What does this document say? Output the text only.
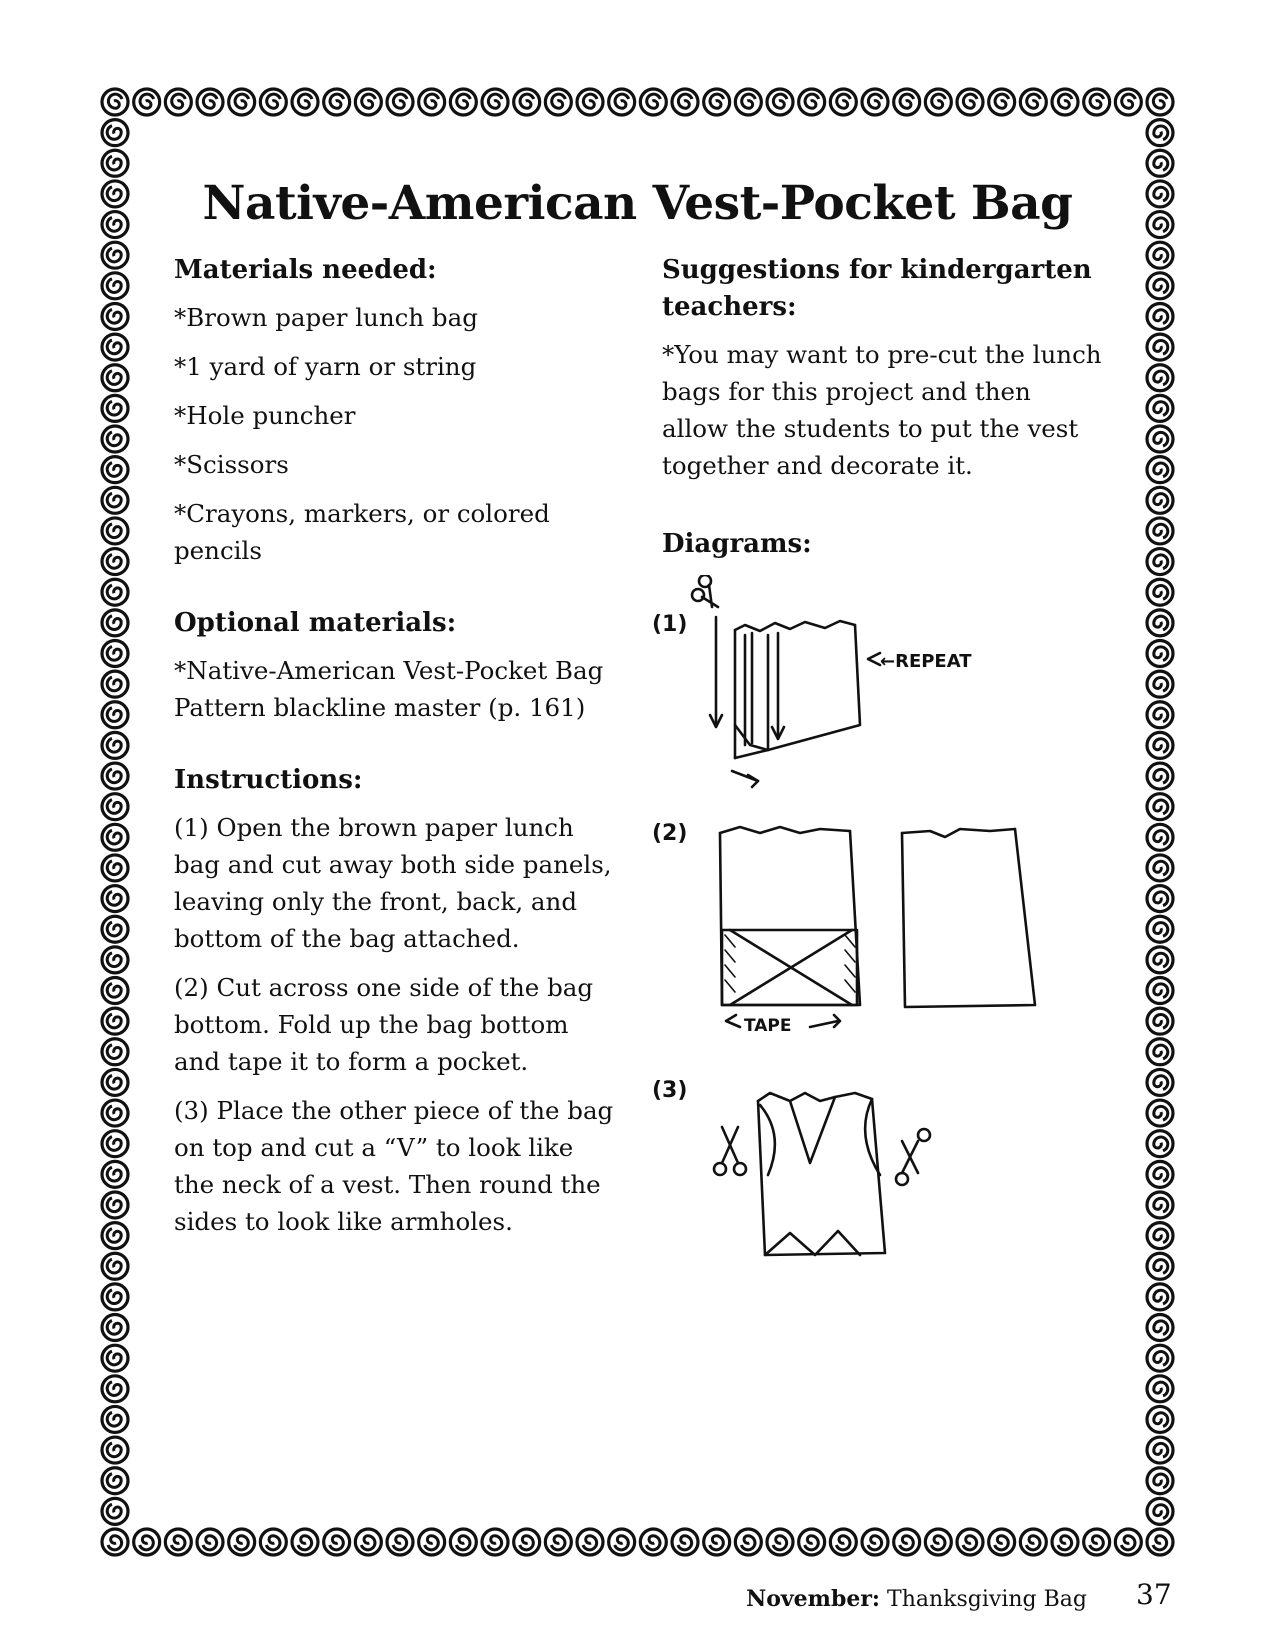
Native-American Vest-Pocket Bag
Materials needed:

*Brown paper lunch bag

*1 yard of yarn or string

*Hole puncher

*Scissors

*Crayons, markers, or colored pencils

Optional materials:

*Native-American Vest-Pocket Bag Pattern blackline master (p. 161)

Instructions:

(1) Open the brown paper lunch bag and cut away both side panels, leaving only the front, back, and bottom of the bag attached.

(2) Cut across one side of the bag bottom. Fold up the bag bottom and tape it to form a pocket.

(3) Place the other piece of the bag on top and cut a “V” to look like the neck of a vest. Then round the sides to look like armholes.

Suggestions for kindergarten teachers:

*You may want to pre-cut the lunch bags for this project and then allow the students to put the vest together and decorate it.

Diagrams:
(1)
←REPEAT
(2)
TAPE
(3)
November: Thanksgiving Bag 37
